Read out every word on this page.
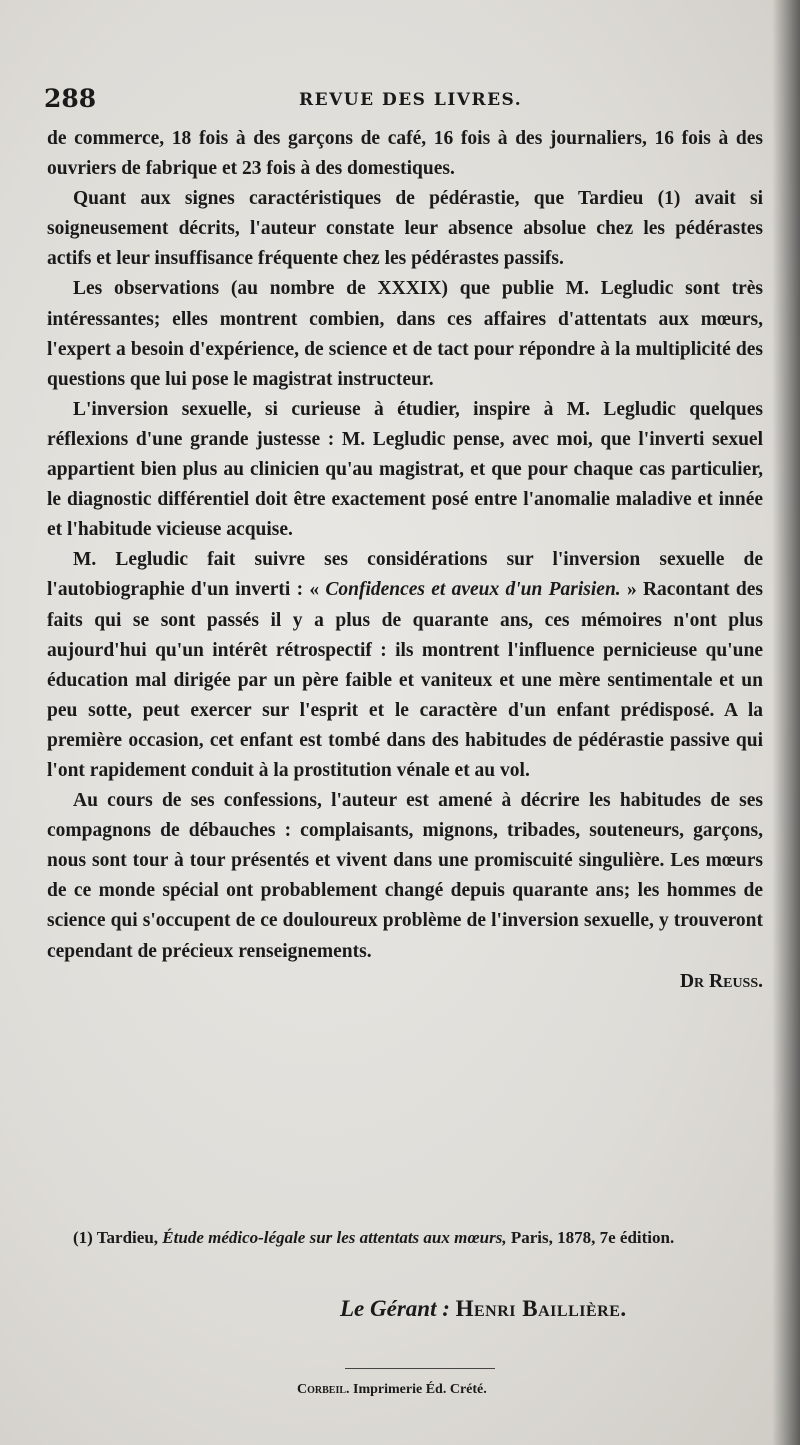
288	REVUE DES LIVRES.

de commerce, 18 fois à des garçons de café, 16 fois à des journaliers, 16 fois à des ouvriers de fabrique et 23 fois à des domestiques.

Quant aux signes caractéristiques de pédérastie, que Tardieu (1) avait si soigneusement décrits, l'auteur constate leur absence absolue chez les pédérastes actifs et leur insuffisance fréquente chez les pédérastes passifs.

Les observations (au nombre de XXXIX) que publie M. Legludic sont très intéressantes; elles montrent combien, dans ces affaires d'attentats aux mœurs, l'expert a besoin d'expérience, de science et de tact pour répondre à la multiplicité des questions que lui pose le magistrat instructeur.

L'inversion sexuelle, si curieuse à étudier, inspire à M. Legludic quelques réflexions d'une grande justesse : M. Legludic pense, avec moi, que l'inverti sexuel appartient bien plus au clinicien qu'au magistrat, et que pour chaque cas particulier, le diagnostic différentiel doit être exactement posé entre l'anomalie maladive et innée et l'habitude vicieuse acquise.

M. Legludic fait suivre ses considérations sur l'inversion sexuelle de l'autobiographie d'un inverti : « Confidences et aveux d'un Parisien. » Racontant des faits qui se sont passés il y a plus de quarante ans, ces mémoires n'ont plus aujourd'hui qu'un intérêt rétrospectif : ils montrent l'influence pernicieuse qu'une éducation mal dirigée par un père faible et vaniteux et une mère sentimentale et un peu sotte, peut exercer sur l'esprit et le caractère d'un enfant prédisposé. A la première occasion, cet enfant est tombé dans des habitudes de pédérastie passive qui l'ont rapidement conduit à la prostitution vénale et au vol.

Au cours de ses confessions, l'auteur est amené à décrire les habitudes de ses compagnons de débauches : complaisants, mignons, tribades, souteneurs, garçons, nous sont tour à tour présentés et vivent dans une promiscuité singulière. Les mœurs de ce monde spécial ont probablement changé depuis quarante ans; les hommes de science qui s'occupent de ce douloureux problème de l'inversion sexuelle, y trouveront cependant de précieux renseignements.

Dr Reuss.
(1) Tardieu, Étude médico-légale sur les attentats aux mœurs, Paris, 1878, 7e édition.
Le Gérant : Henri Baillière.
Corbeil. Imprimerie Éd. Crété.
